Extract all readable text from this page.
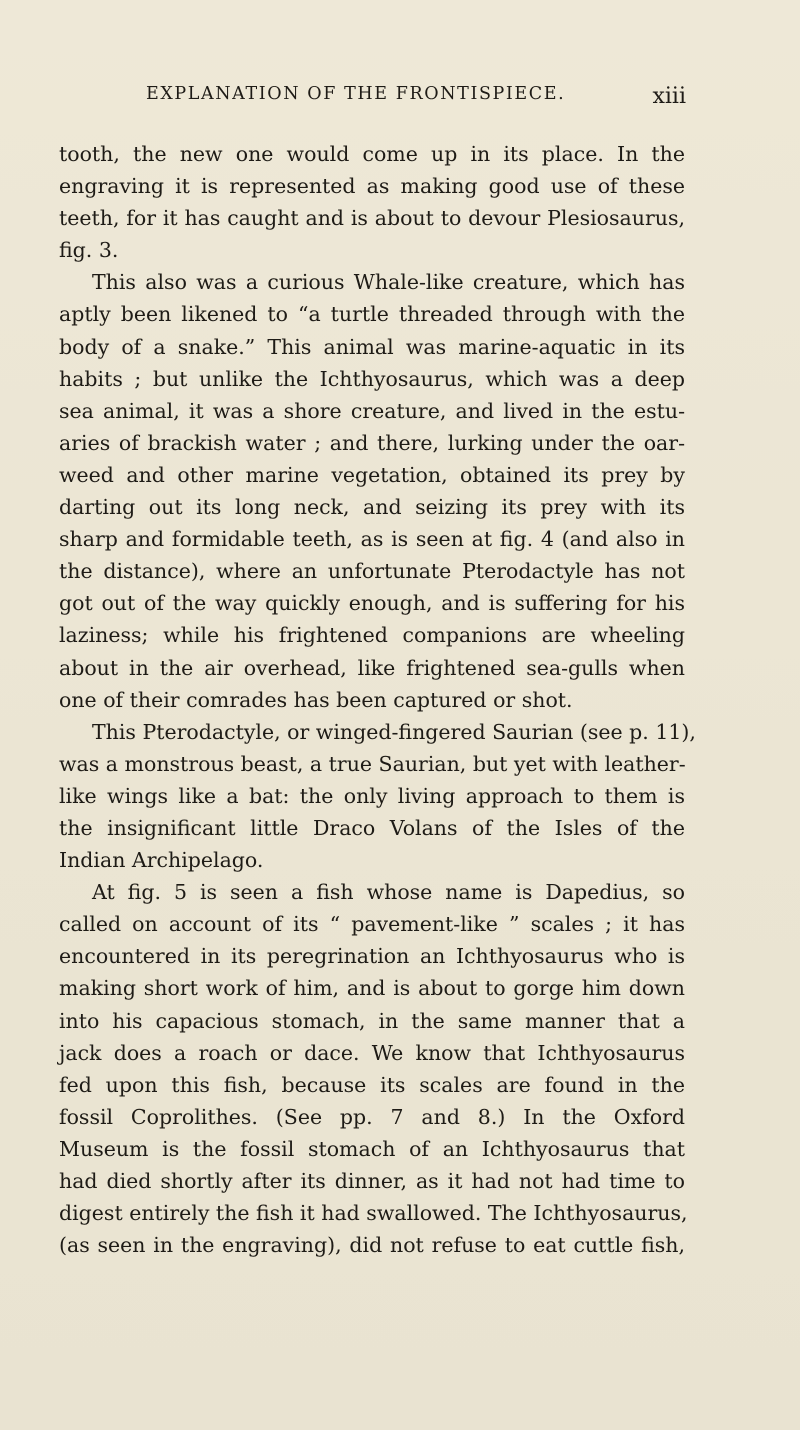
EXPLANATION OF THE FRONTISPIECE.	xiii
tooth, the new one would come up in its place. In the
engraving it is represented as making good use of these
teeth, for it has caught and is about to devour Plesiosaurus,
fig. 3.
This also was a curious Whale-like creature, which has
aptly been likened to “a turtle threaded through with the
body of a snake.” This animal was marine-aquatic in its
habits ; but unlike the Ichthyosaurus, which was a deep
sea animal, it was a shore creature, and lived in the estu-
aries of brackish water ; and there, lurking under the oar-
weed and other marine vegetation, obtained its prey by
darting out its long neck, and seizing its prey with its
sharp and formidable teeth, as is seen at fig. 4 (and also in
the distance), where an unfortunate Pterodactyle has not
got out of the way quickly enough, and is suffering for his
laziness; while his frightened companions are wheeling
about in the air overhead, like frightened sea-gulls when
one of their comrades has been captured or shot.
This Pterodactyle, or winged-fingered Saurian (see p. 11),
was a monstrous beast, a true Saurian, but yet with leather-
like wings like a bat: the only living approach to them is
the insignificant little Draco Volans of the Isles of the
Indian Archipelago.
At fig. 5 is seen a fish whose name is Dapedius, so
called on account of its “ pavement-like ” scales ; it has
encountered in its peregrination an Ichthyosaurus who is
making short work of him, and is about to gorge him down
into his capacious stomach, in the same manner that a
jack does a roach or dace. We know that Ichthyosaurus
fed upon this fish, because its scales are found in the
fossil Coprolithes. (See pp. 7 and 8.) In the Oxford
Museum is the fossil stomach of an Ichthyosaurus that
had died shortly after its dinner, as it had not had time to
digest entirely the fish it had swallowed. The Ichthyosaurus,
(as seen in the engraving), did not refuse to eat cuttle fish,
